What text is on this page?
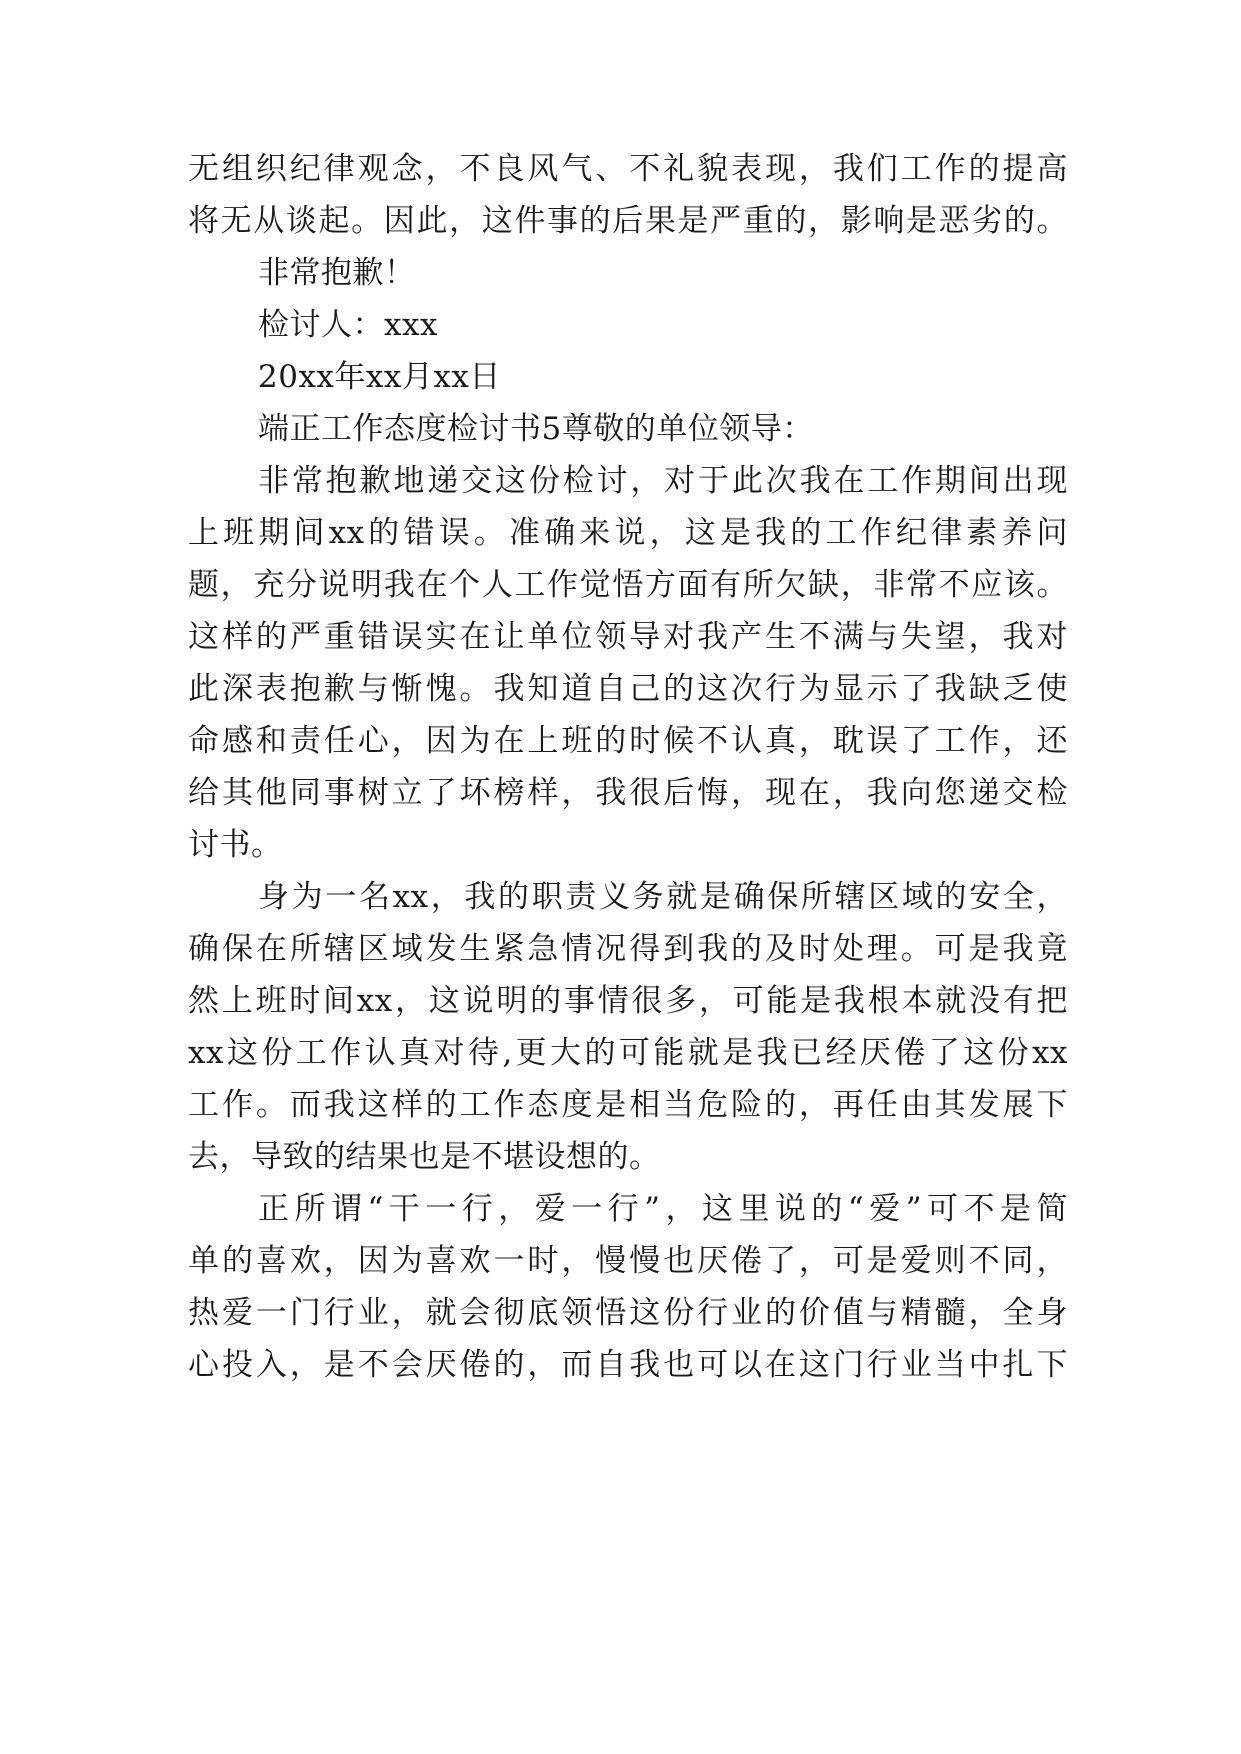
无组织纪律观念，不良风气、不礼貌表现，我们工作的提高
将无从谈起。因此，这件事的后果是严重的，影响是恶劣的。
非常抱歉！
检讨人：xxx
20xx年xx月xx日
端正工作态度检讨书5尊敬的单位领导：
非常抱歉地递交这份检讨，对于此次我在工作期间出现
上班期间xx的错误。准确来说，这是我的工作纪律素养问
题，充分说明我在个人工作觉悟方面有所欠缺，非常不应该。
这样的严重错误实在让单位领导对我产生不满与失望，我对
此深表抱歉与惭愧。我知道自己的这次行为显示了我缺乏使
命感和责任心，因为在上班的时候不认真，耽误了工作，还
给其他同事树立了坏榜样，我很后悔，现在，我向您递交检
讨书。
身为一名xx，我的职责义务就是确保所辖区域的安全，
确保在所辖区域发生紧急情况得到我的及时处理。可是我竟
然上班时间xx，这说明的事情很多，可能是我根本就没有把
xx这份工作认真对待,更大的可能就是我已经厌倦了这份xx
工作。而我这样的工作态度是相当危险的，再任由其发展下
去，导致的结果也是不堪设想的。
正所谓“干一行，爱一行”，这里说的“爱”可不是简
单的喜欢，因为喜欢一时，慢慢也厌倦了，可是爱则不同，
热爱一门行业，就会彻底领悟这份行业的价值与精髓，全身
心投入，是不会厌倦的，而自我也可以在这门行业当中扎下
